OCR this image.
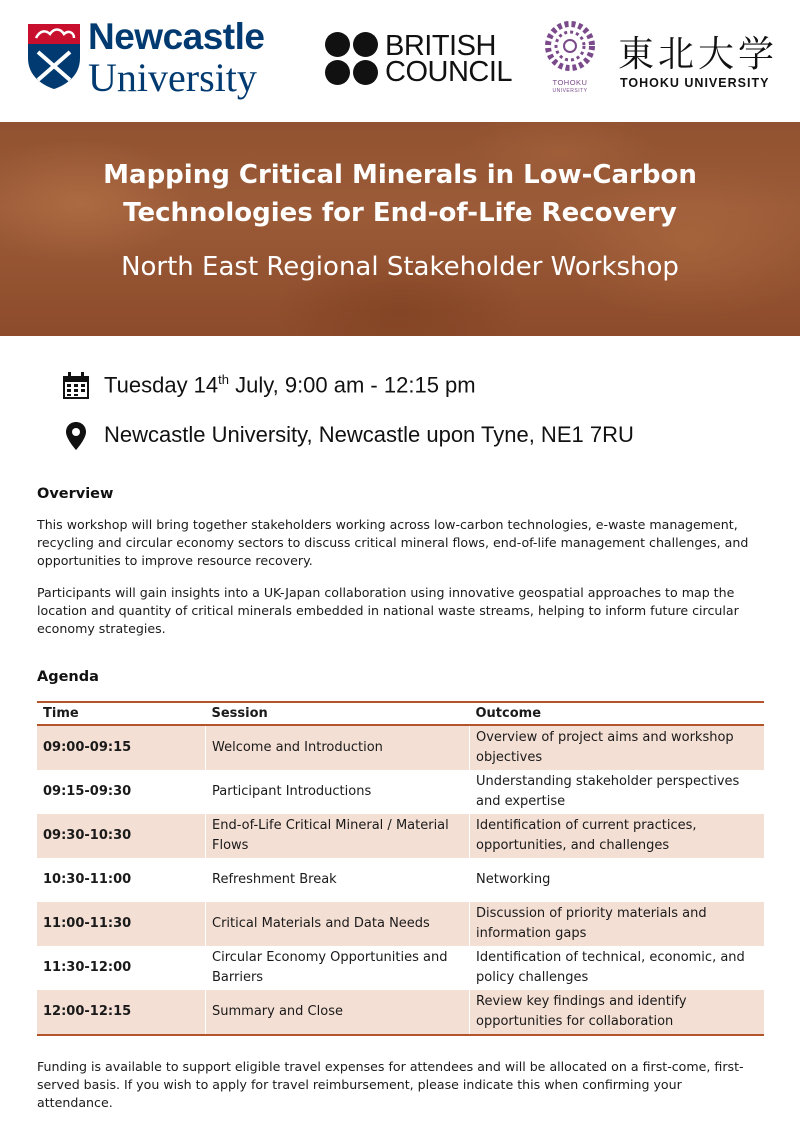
Newcastle
University
BRITISH
COUNCIL	TOHOKU
UNIVERSITY
東北大学
TOHOKU UNIVERSITY
Mapping Critical Minerals in Low-Carbon
Technologies for End-of-Life Recovery
North East Regional Stakeholder Workshop
Tuesday 14th July, 9:00 am - 12:15 pm
Newcastle University, Newcastle upon Tyne, NE1 7RU
Overview
This workshop will bring together stakeholders working across low-carbon technologies, e-waste management, recycling and circular economy sectors to discuss critical mineral flows, end-of-life management challenges, and opportunities to improve resource recovery.
Participants will gain insights into a UK-Japan collaboration using innovative geospatial approaches to map the location and quantity of critical minerals embedded in national waste streams, helping to inform future circular economy strategies.
Agenda
Time	Session	Outcome
09:00-09:15	Welcome and Introduction	Overview of project aims and workshop objectives
09:15-09:30	Participant Introductions	Understanding stakeholder perspectives and expertise
09:30-10:30	End-of-Life Critical Mineral / Material Flows	Identification of current practices, opportunities, and challenges
10:30-11:00	Refreshment Break	Networking
11:00-11:30	Critical Materials and Data Needs	Discussion of priority materials and information gaps
11:30-12:00	Circular Economy Opportunities and Barriers	Identification of technical, economic, and policy challenges
12:00-12:15	Summary and Close	Review key findings and identify opportunities for collaboration
Funding is available to support eligible travel expenses for attendees and will be allocated on a first-come, first-served basis. If you wish to apply for travel reimbursement, please indicate this when confirming your attendance.
